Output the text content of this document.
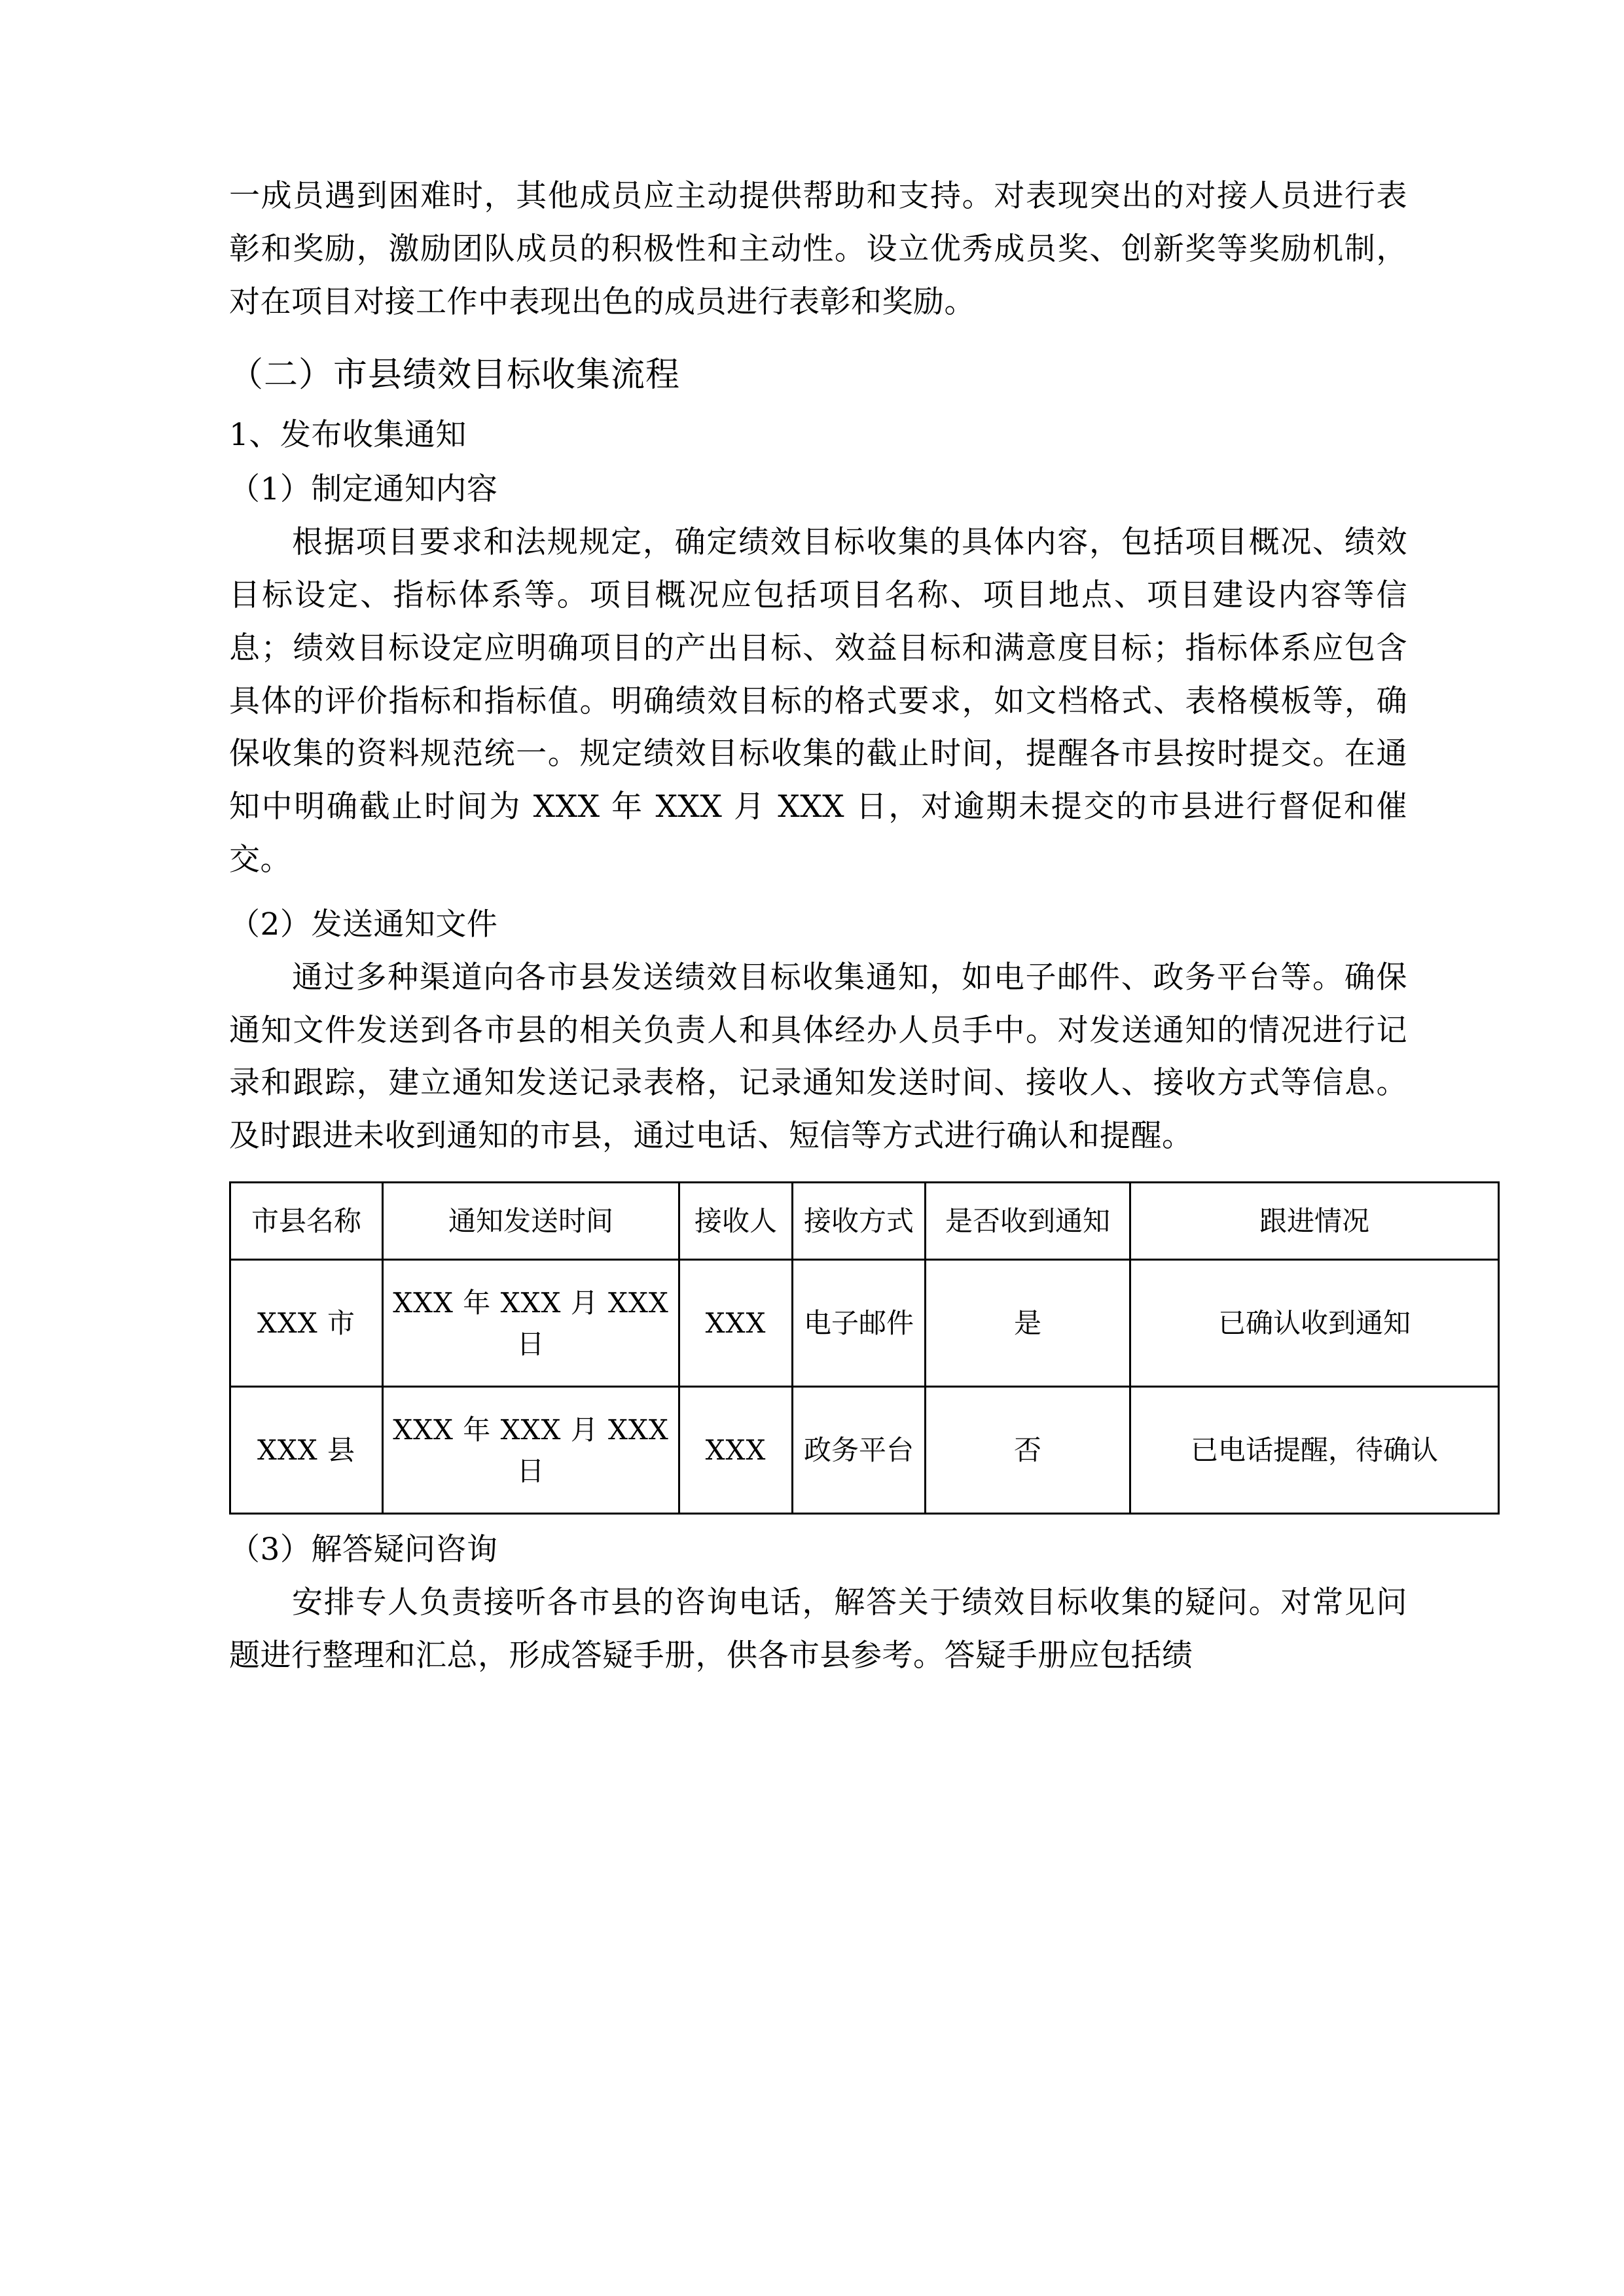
一成员遇到困难时，其他成员应主动提供帮助和支持。对表现突出的对接人员进行表彰和奖励，激励团队成员的积极性和主动性。设立优秀成员奖、创新奖等奖励机制，对在项目对接工作中表现出色的成员进行表彰和奖励。

（二）市县绩效目标收集流程

1、发布收集通知

（1）制定通知内容

根据项目要求和法规规定，确定绩效目标收集的具体内容，包括项目概况、绩效目标设定、指标体系等。项目概况应包括项目名称、项目地点、项目建设内容等信息；绩效目标设定应明确项目的产出目标、效益目标和满意度目标；指标体系应包含具体的评价指标和指标值。明确绩效目标的格式要求，如文档格式、表格模板等，确保收集的资料规范统一。规定绩效目标收集的截止时间，提醒各市县按时提交。在通知中明确截止时间为 XXX 年 XXX 月 XXX 日，对逾期未提交的市县进行督促和催交。

（2）发送通知文件

通过多种渠道向各市县发送绩效目标收集通知，如电子邮件、政务平台等。确保通知文件发送到各市县的相关负责人和具体经办人员手中。对发送通知的情况进行记录和跟踪，建立通知发送记录表格，记录通知发送时间、接收人、接收方式等信息。及时跟进未收到通知的市县，通过电话、短信等方式进行确认和提醒。

市县名称	通知发送时间	接收人	接收方式	是否收到通知	跟进情况
XXX 市	XXX 年 XXX 月 XXX 日	XXX	电子邮件	是	已确认收到通知
XXX 县	XXX 年 XXX 月 XXX 日	XXX	政务平台	否	已电话提醒，待确认

（3）解答疑问咨询

安排专人负责接听各市县的咨询电话，解答关于绩效目标收集的疑问。对常见问题进行整理和汇总，形成答疑手册，供各市县参考。答疑手册应包括绩
